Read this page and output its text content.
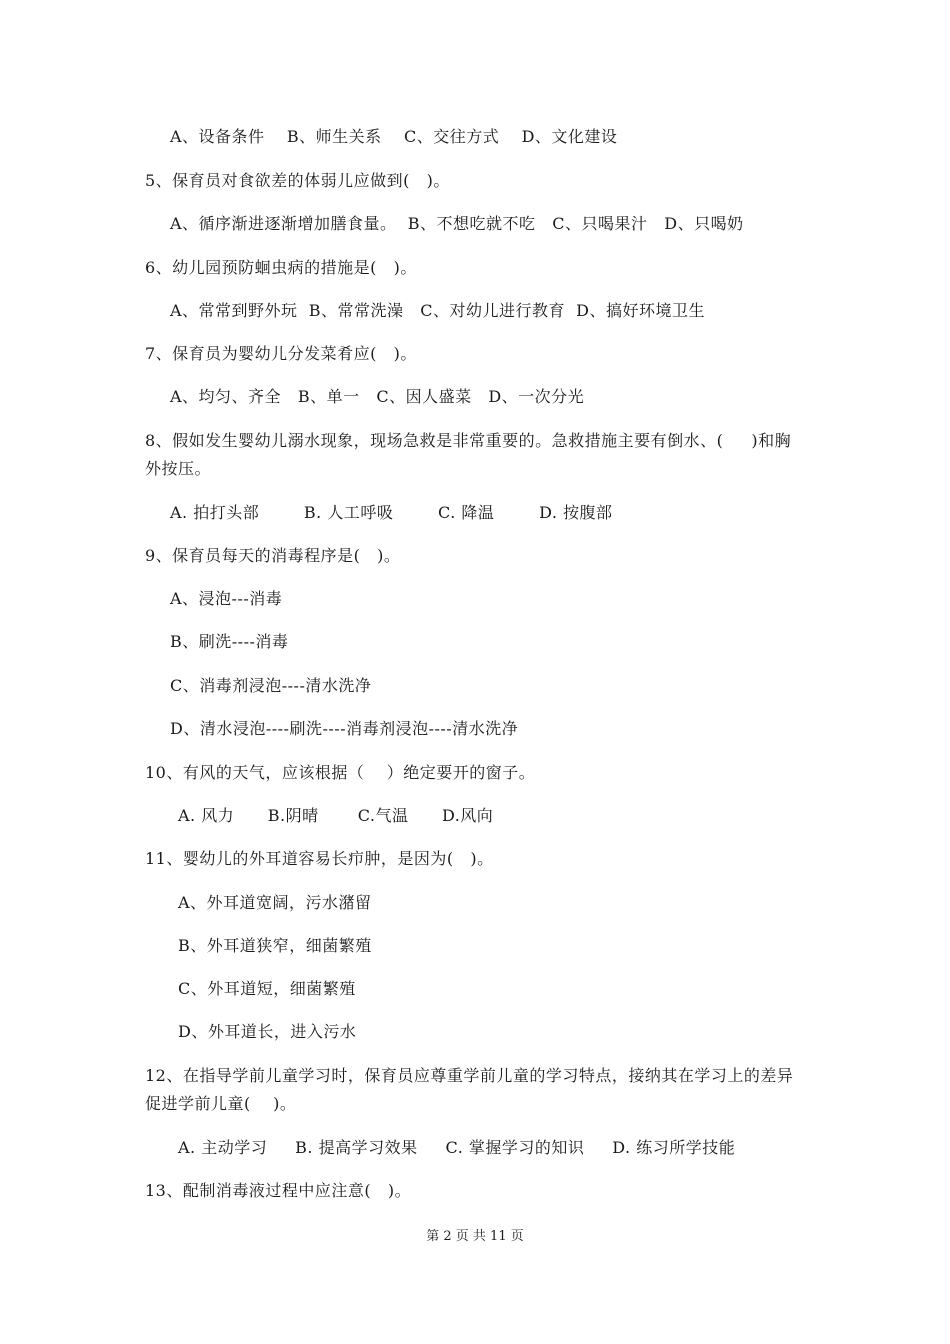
A、设备条件    B、师生关系    C、交往方式    D、文化建设
5、保育员对食欲差的体弱儿应做到(   )。
A、循序渐进逐渐增加膳食量。  B、不想吃就不吃   C、只喝果汁   D、只喝奶
6、幼儿园预防蛔虫病的措施是(   )。
A、常常到野外玩  B、常常洗澡   C、对幼儿进行教育  D、搞好环境卫生
7、保育员为婴幼儿分发菜肴应(   )。
A、均匀、齐全   B、单一   C、因人盛菜   D、一次分光
8、假如发生婴幼儿溺水现象，现场急救是非常重要的。急救措施主要有倒水、(     )和胸
外按压。
A. 拍打头部        B. 人工呼吸        C. 降温        D. 按腹部
9、保育员每天的消毒程序是(   )。
A、浸泡---消毒
B、刷洗----消毒
C、消毒剂浸泡----清水洗净
D、清水浸泡----刷洗----消毒剂浸泡----清水洗净
10、有风的天气，应该根据（    ）绝定要开的窗子。
A. 风力      B.阴晴       C.气温      D.风向
11、婴幼儿的外耳道容易长疖肿，是因为(   )。
A、外耳道宽阔，污水潴留
B、外耳道狭窄，细菌繁殖
C、外耳道短，细菌繁殖
D、外耳道长，进入污水
12、在指导学前儿童学习时，保育员应尊重学前儿童的学习特点，接纳其在学习上的差异
促进学前儿童(    )。
A. 主动学习     B. 提高学习效果     C. 掌握学习的知识     D. 练习所学技能
13、配制消毒液过程中应注意(   )。
第 2 页 共 11 页
